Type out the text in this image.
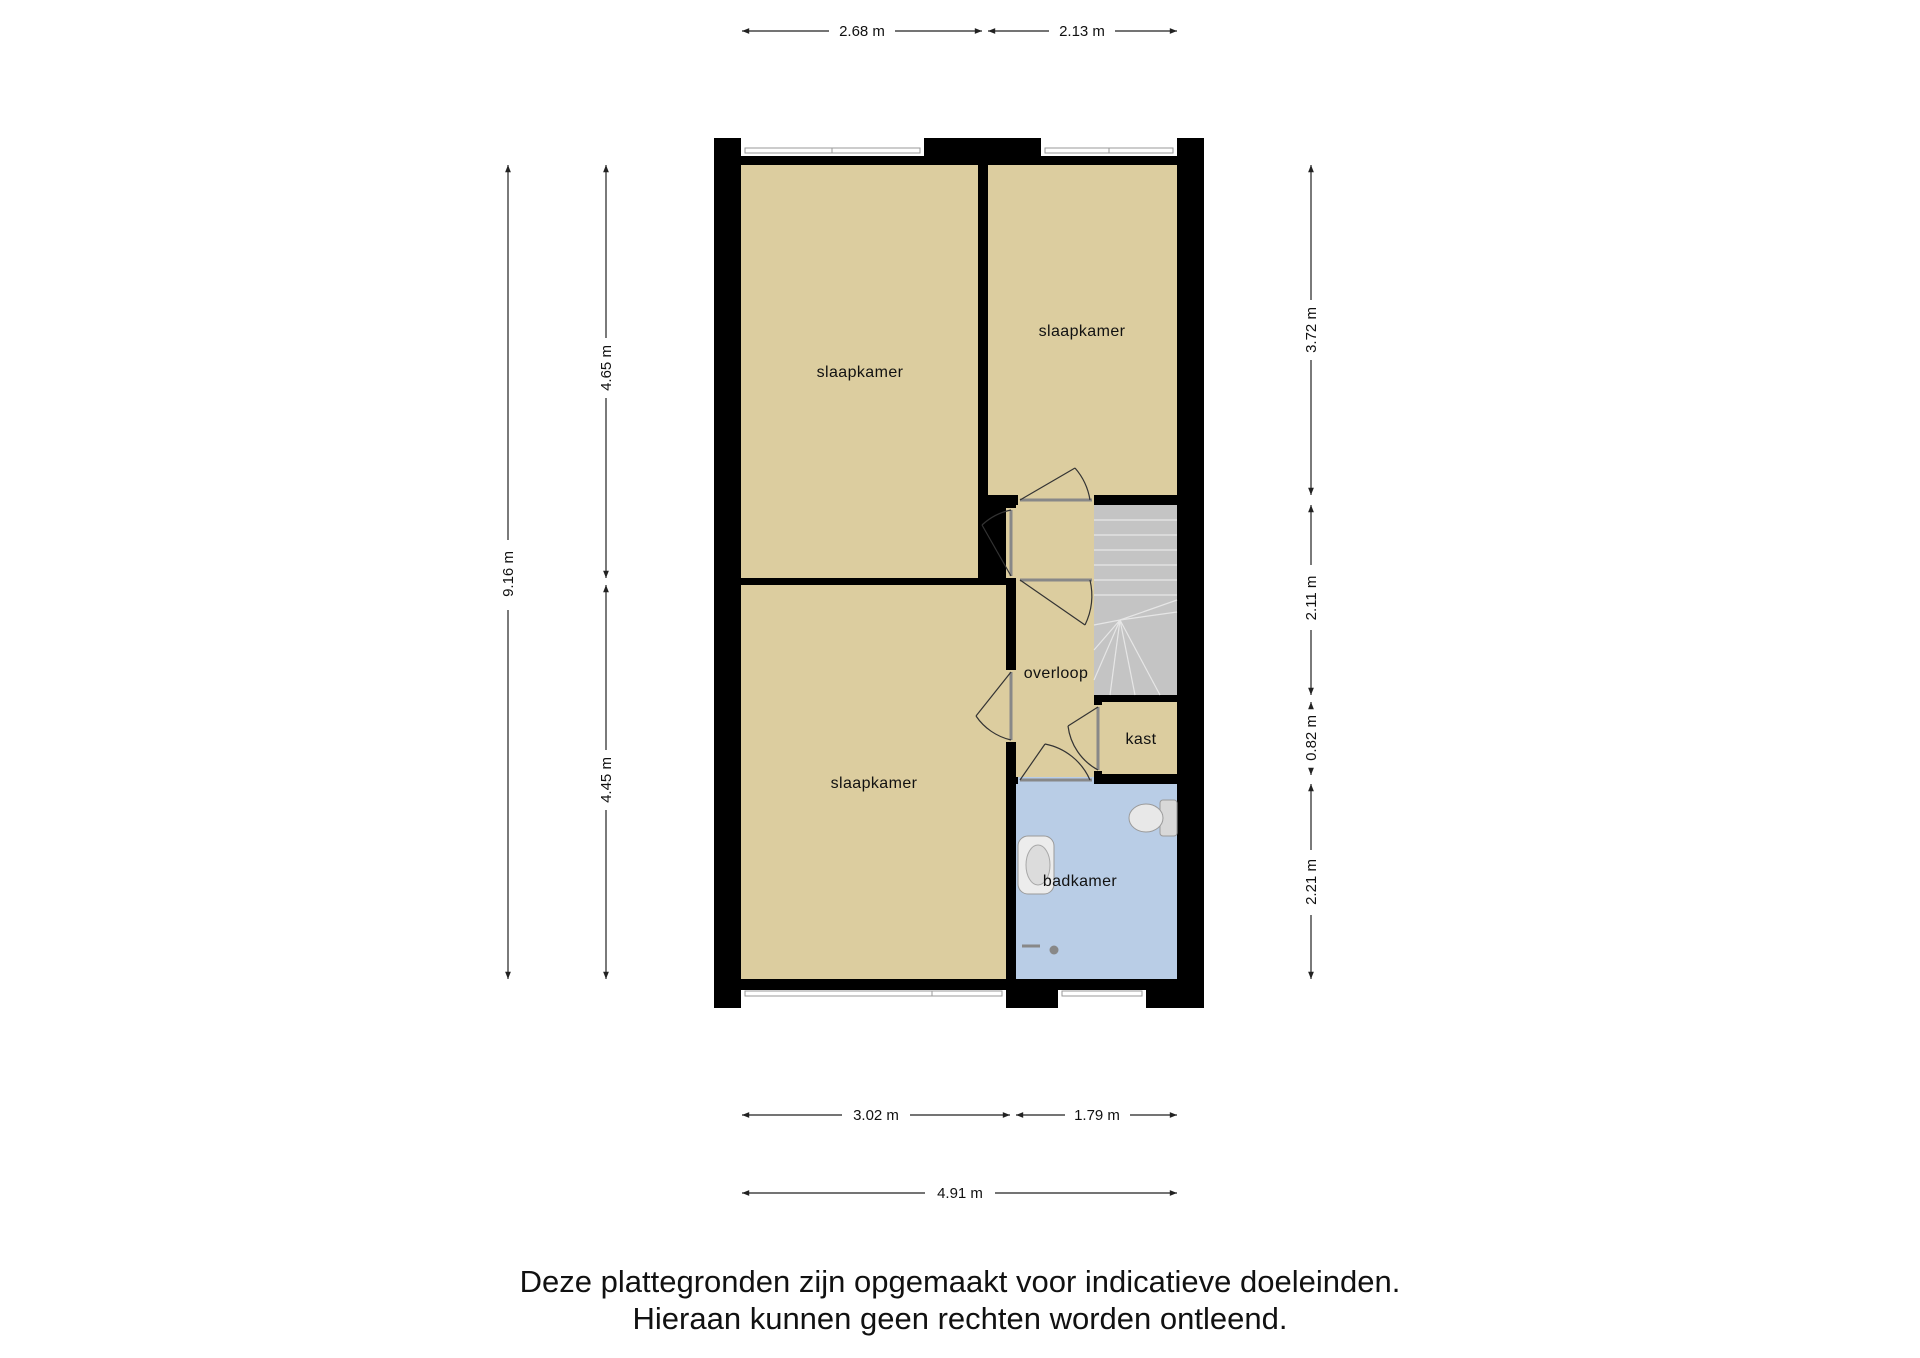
2.68 m	2.13 m
9.16 m
4.65 m
4.45 m
3.72 m
2.11 m
0.82 m
2.21 m
3.02 m	1.79 m
4.91 m
slaapkamer
slaapkamer
slaapkamer
overloop
kast
badkamer
Deze plattegronden zijn opgemaakt voor indicatieve doeleinden.
Hieraan kunnen geen rechten worden ontleend.
